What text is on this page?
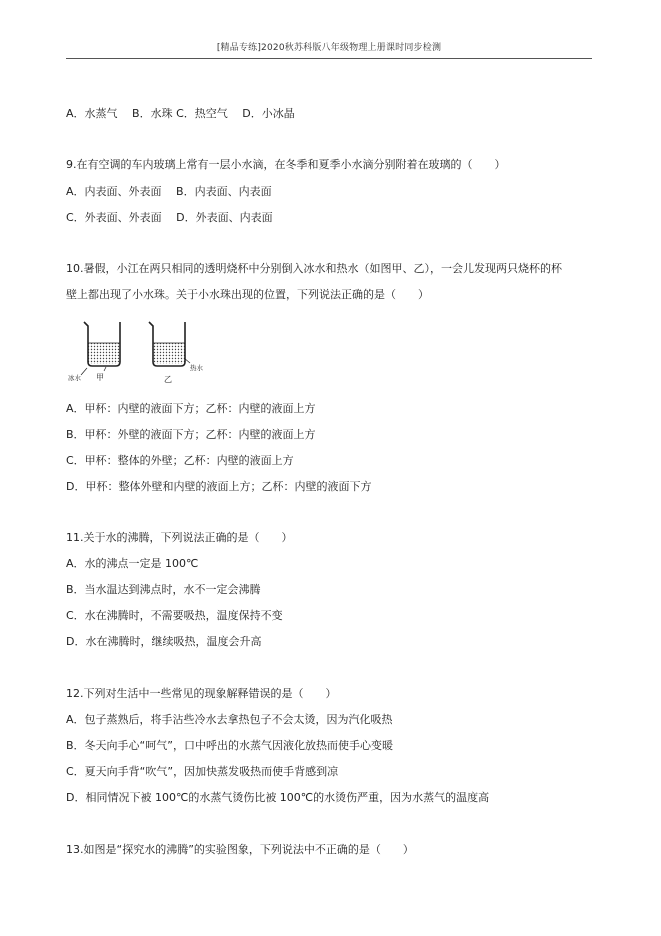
[精品专练]2020秋苏科版八年级物理上册课时同步检测
A．水蒸气　 B．水珠 C．热空气　 D．小冰晶
9.在有空调的车内玻璃上常有一层小水滴，在冬季和夏季小水滴分别附着在玻璃的（　　）
A．内表面、外表面　 B．内表面、内表面
C．外表面、外表面　 D．外表面、内表面
10.暑假，小江在两只相同的透明烧杯中分别倒入冰水和热水（如图甲、乙），一会儿发现两只烧杯的杯
壁上都出现了小水珠。关于小水珠出现的位置，下列说法正确的是（　　）
冰水 甲	乙
热水
A．甲杯：内壁的液面下方；乙杯：内壁的液面上方
B．甲杯：外壁的液面下方；乙杯：内壁的液面上方
C．甲杯：整体的外壁；乙杯：内壁的液面上方
D．甲杯：整体外壁和内壁的液面上方；乙杯：内壁的液面下方
11.关于水的沸腾，下列说法正确的是（　　）
A．水的沸点一定是 100℃
B．当水温达到沸点时，水不一定会沸腾
C．水在沸腾时，不需要吸热，温度保持不变
D．水在沸腾时，继续吸热，温度会升高
12.下列对生活中一些常见的现象解释错误的是（　　）
A．包子蒸熟后，将手沾些冷水去拿热包子不会太烫，因为汽化吸热
B．冬天向手心“呵气”，口中呼出的水蒸气因液化放热而使手心变暖
C．夏天向手背“吹气”，因加快蒸发吸热而使手背感到凉
D．相同情况下被 100℃的水蒸气烫伤比被 100℃的水烫伤严重，因为水蒸气的温度高
13.如图是“探究水的沸腾”的实验图象，下列说法中不正确的是（　　）
